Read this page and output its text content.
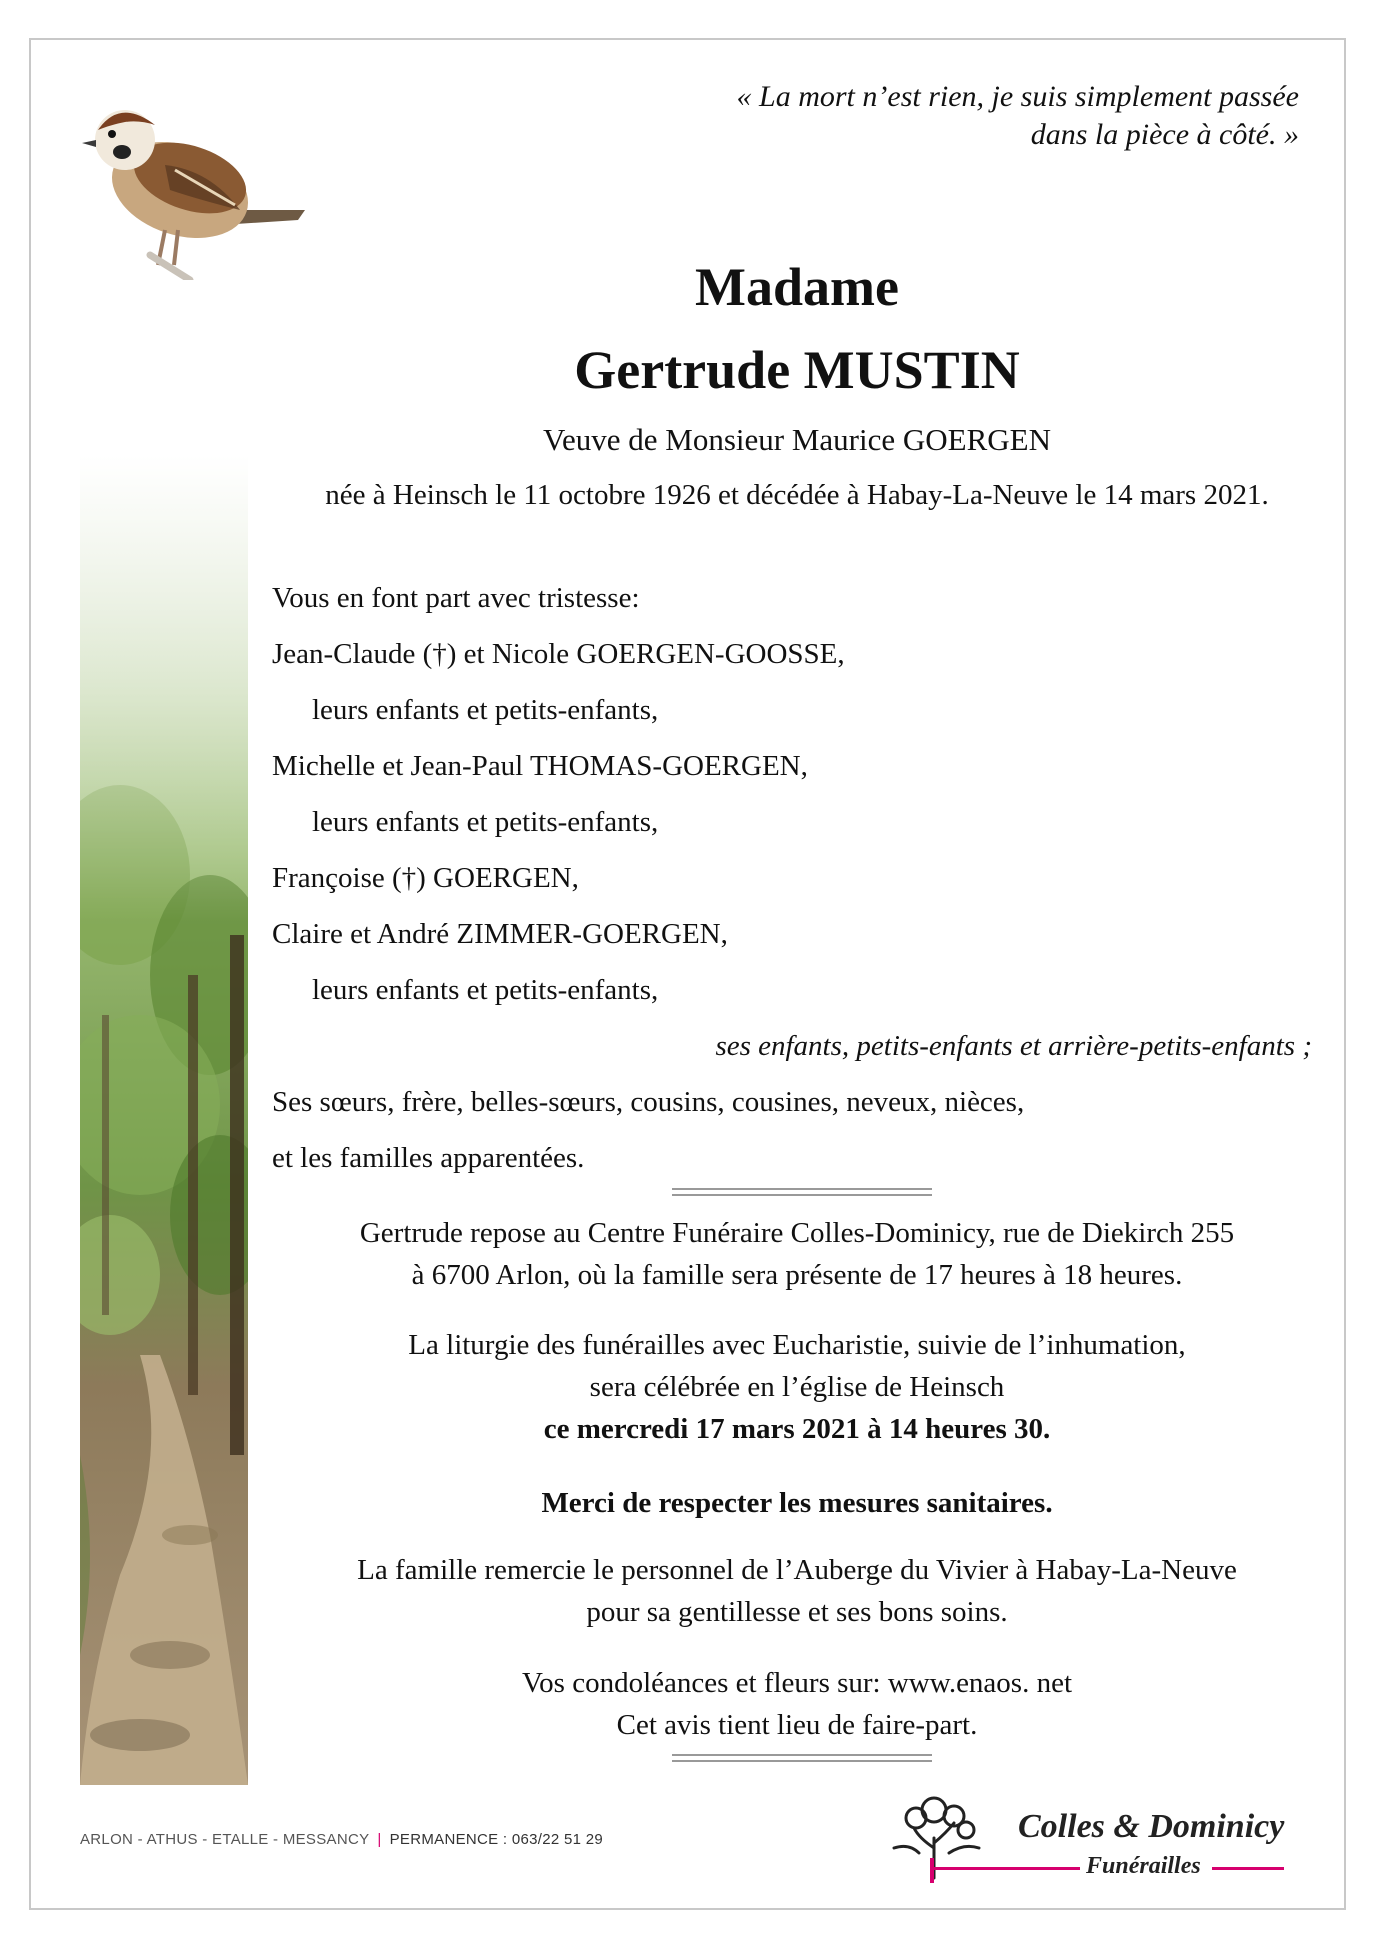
« La mort n’est rien, je suis simplement passée
dans la pièce à côté. »
Madame
Gertrude MUSTIN
Veuve de Monsieur Maurice GOERGEN
née à Heinsch le 11 octobre 1926 et décédée à Habay-La-Neuve le 14 mars 2021.
Vous en font part avec tristesse:
Jean-Claude (†) et Nicole GOERGEN-GOOSSE,
leurs enfants et petits-enfants,
Michelle et Jean-Paul THOMAS-GOERGEN,
leurs enfants et petits-enfants,
Françoise (†) GOERGEN,
Claire et André ZIMMER-GOERGEN,
leurs enfants et petits-enfants,
ses enfants, petits-enfants et arrière-petits-enfants ;
Ses sœurs, frère, belles-sœurs, cousins, cousines, neveux, nièces,
et les familles apparentées.
Gertrude repose au Centre Funéraire Colles-Dominicy, rue de Diekirch 255
à 6700 Arlon, où la famille sera présente de 17 heures à 18 heures.
La liturgie des funérailles avec Eucharistie, suivie de l’inhumation,
sera célébrée en l’église de Heinsch
ce mercredi 17 mars 2021 à 14 heures 30.
Merci de respecter les mesures sanitaires.
La famille remercie le personnel de l’Auberge du Vivier à Habay-La-Neuve
pour sa gentillesse et ses bons soins.
Vos condoléances et fleurs sur: www.enaos. net
Cet avis tient lieu de faire-part.
ARLON - ATHUS - ETALLE - MESSANCY | PERMANENCE : 063/22 51 29	Colles & Dominicy
Funérailles
